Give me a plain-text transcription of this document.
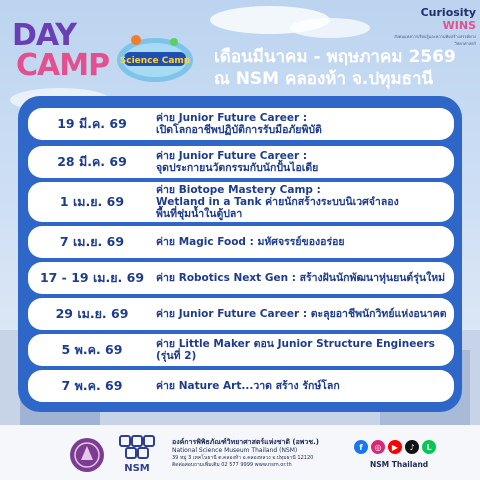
DAY
CAMP Science Camp
Curiosity WINS
สังคมแห่งการเรียนรู้และความคิดสร้างสรรค์ทางวิทยาศาสตร์
เดือนมีนาคม - พฤษภาคม 2569
ณ NSM คลองห้า จ.ปทุมธานี
19 มี.ค. 69	ค่าย Junior Future Career :
เปิดโลกอาชีพปฏิบัติการรับมือภัยพิบัติ
28 มี.ค. 69	ค่าย Junior Future Career :
จุดประกายนวัตกรรมกับนักปั้นไอเดีย
1 เม.ย. 69
ค่าย Biotope Mastery Camp :
Wetland in a Tank ค่ายนักสร้างระบบนิเวศจำลอง
พื้นที่ชุ่มน้ำในตู้ปลา
7 เม.ย. 69	ค่าย Magic Food : มหัศจรรย์ของอร่อย
17 - 19 เม.ย. 69	ค่าย Robotics Next Gen : สร้างฝันนักพัฒนาหุ่นยนต์รุ่นใหม่
29 เม.ย. 69	ค่าย Junior Future Career : ตะลุยอาชีพนักวิทย์แห่งอนาคต
5 พ.ค. 69	ค่าย Little Maker ตอน Junior Structure Engineers (รุ่นที่ 2)
7 พ.ค. 69	ค่าย Nature Art...วาด สร้าง รักษ์โลก
NSM
องค์การพิพิธภัณฑ์วิทยาศาสตร์แห่งชาติ (อพวช.)
National Science Museum Thailand (NSM)
39 หมู่ 3 เทคโนธานี ต.คลองห้า อ.คลองหลวง จ.ปทุมธานี 12120
ติดต่อสอบถามเพิ่มเติม 02 577 9999 www.nsm.or.th
f	◎	▶	♪	L
NSM Thailand
